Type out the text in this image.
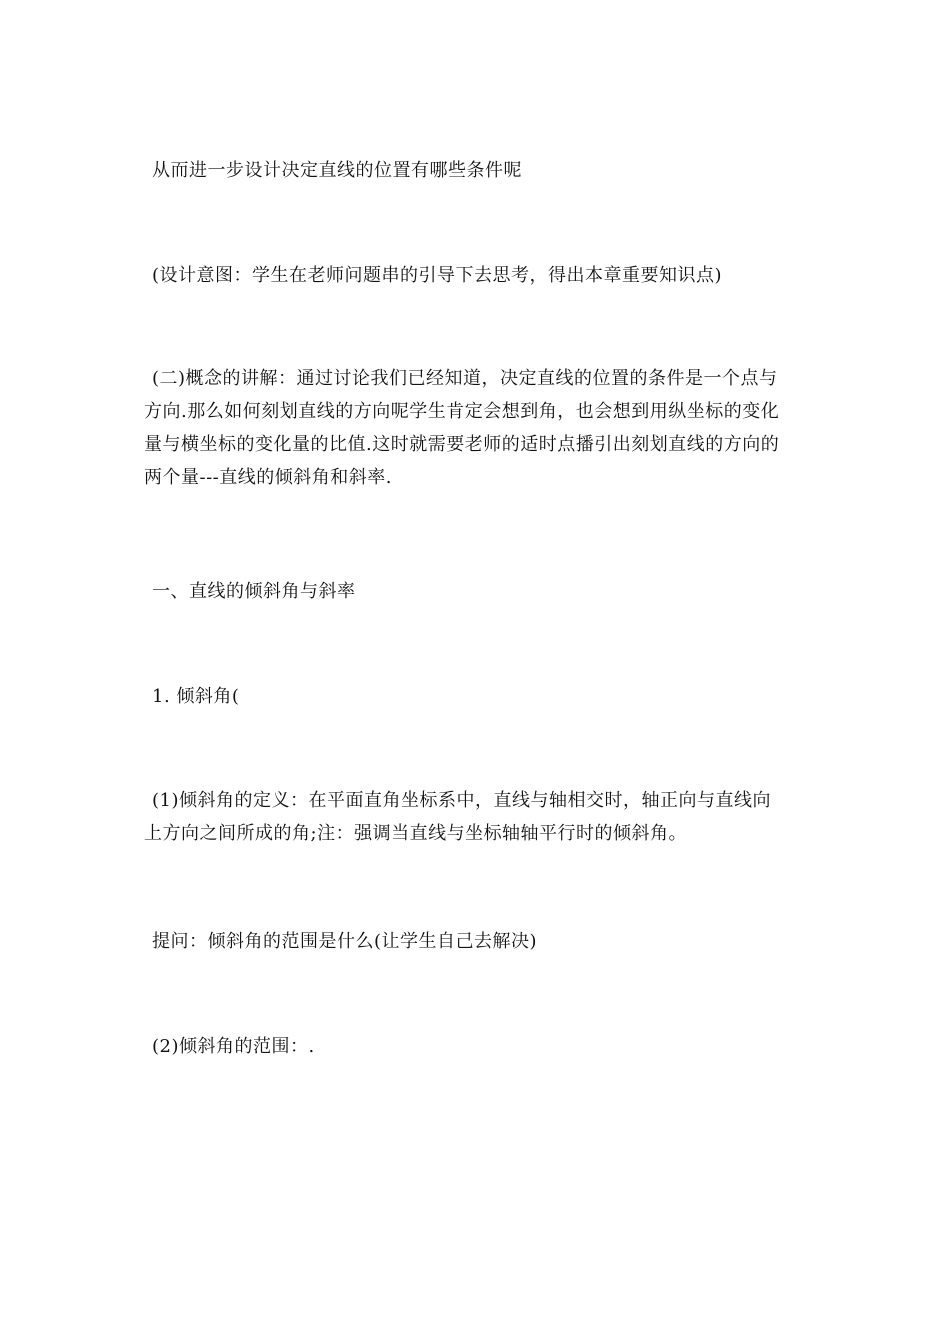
从而进一步设计决定直线的位置有哪些条件呢

(设计意图：学生在老师问题串的引导下去思考，得出本章重要知识点)

(二)概念的讲解：通过讨论我们已经知道，决定直线的位置的条件是一个点与
方向.那么如何刻划直线的方向呢学生肯定会想到角，也会想到用纵坐标的变化
量与横坐标的变化量的比值.这时就需要老师的适时点播引出刻划直线的方向的
两个量---直线的倾斜角和斜率.

一、直线的倾斜角与斜率

1. 倾斜角(

(1)倾斜角的定义：在平面直角坐标系中，直线与轴相交时，轴正向与直线向
上方向之间所成的角;注：强调当直线与坐标轴轴平行时的倾斜角。

提问：倾斜角的范围是什么(让学生自己去解决)

(2)倾斜角的范围：.
